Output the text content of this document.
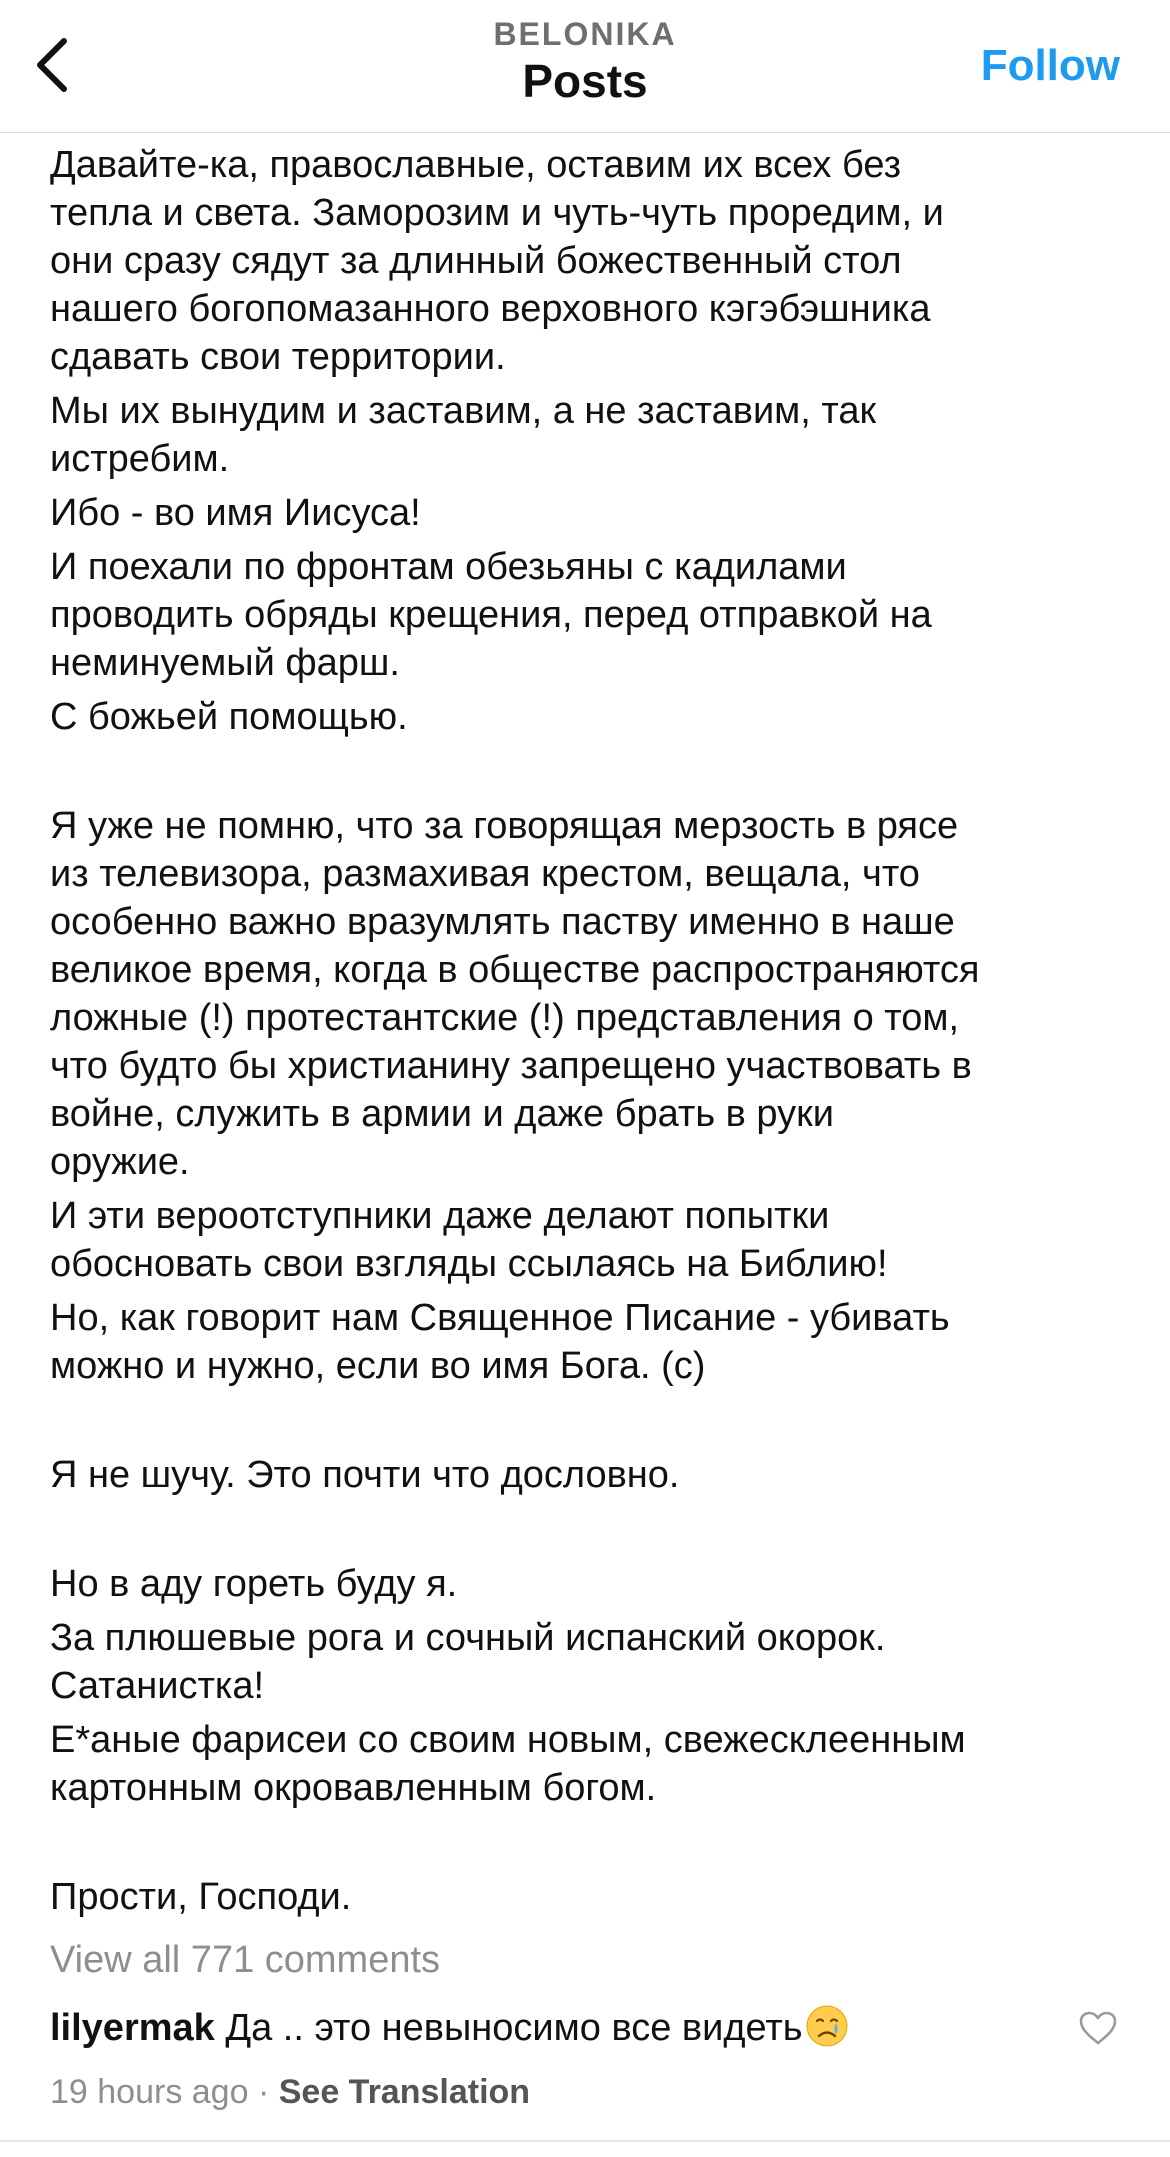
BELONIKA
Posts	Follow
Давайте-ка, православные, оставим их всех без
тепла и света. Заморозим и чуть-чуть проредим, и
они сразу сядут за длинный божественный стол
нашего богопомазанного верховного кэгэбэшника
сдавать свои территории.
Мы их вынудим и заставим, а не заставим, так
истребим.
Ибо - во имя Иисуса!
И поехали по фронтам обезьяны с кадилами
проводить обряды крещения, перед отправкой на
неминуемый фарш.
С божьей помощью.
Я уже не помню, что за говорящая мерзость в рясе
из телевизора, размахивая крестом, вещала, что
особенно важно вразумлять паству именно в наше
великое время, когда в обществе распространяются
ложные (!) протестантские (!) представления о том,
что будто бы христианину запрещено участвовать в
войне, служить в армии и даже брать в руки
оружие.
И эти вероотступники даже делают попытки
обосновать свои взгляды ссылаясь на Библию!
Но, как говорит нам Священное Писание - убивать
можно и нужно, если во имя Бога. (с)
Я не шучу. Это почти что дословно.
Но в аду гореть буду я.
За плюшевые рога и сочный испанский окорок.
Сатанистка!
Е*аные фарисеи со своим новым, свежесклеенным
картонным окровавленным богом.
Прости, Господи.
View all 771 comments
lilyermak Да .. это невыносимо все видеть
19 hours ago · See Translation
